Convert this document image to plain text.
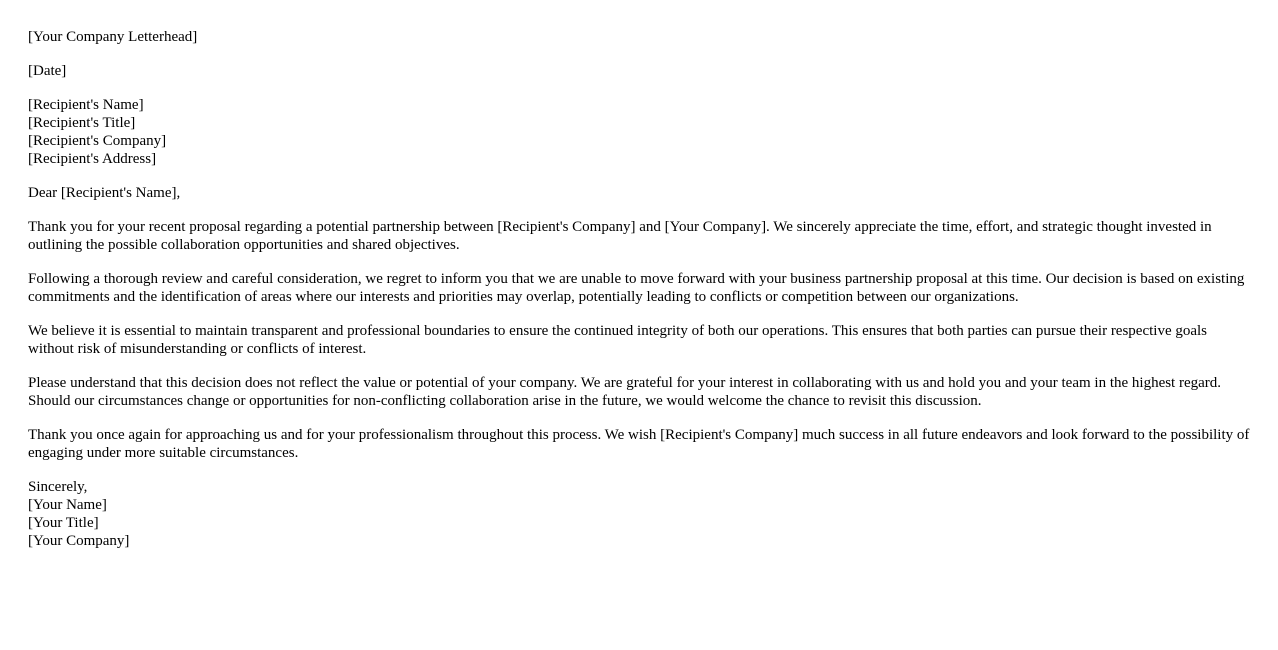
[Your Company Letterhead]
[Date]
[Recipient's Name]
[Recipient's Title]
[Recipient's Company]
[Recipient's Address]
Dear [Recipient's Name],

Thank you for your recent proposal regarding a potential partnership between [Recipient's Company] and [Your Company]. We sincerely appreciate the time, effort, and strategic thought invested in outlining the possible collaboration opportunities and shared objectives.

Following a thorough review and careful consideration, we regret to inform you that we are unable to move forward with your business partnership proposal at this time. Our decision is based on existing commitments and the identification of areas where our interests and priorities may overlap, potentially leading to conflicts or competition between our organizations.

We believe it is essential to maintain transparent and professional boundaries to ensure the continued integrity of both our operations. This ensures that both parties can pursue their respective goals without risk of misunderstanding or conflicts of interest.

Please understand that this decision does not reflect the value or potential of your company. We are grateful for your interest in collaborating with us and hold you and your team in the highest regard. Should our circumstances change or opportunities for non-conflicting collaboration arise in the future, we would welcome the chance to revisit this discussion.

Thank you once again for approaching us and for your professionalism throughout this process. We wish [Recipient's Company] much success in all future endeavors and look forward to the possibility of engaging under more suitable circumstances.

Sincerely,
[Your Name]
[Your Title]
[Your Company]
